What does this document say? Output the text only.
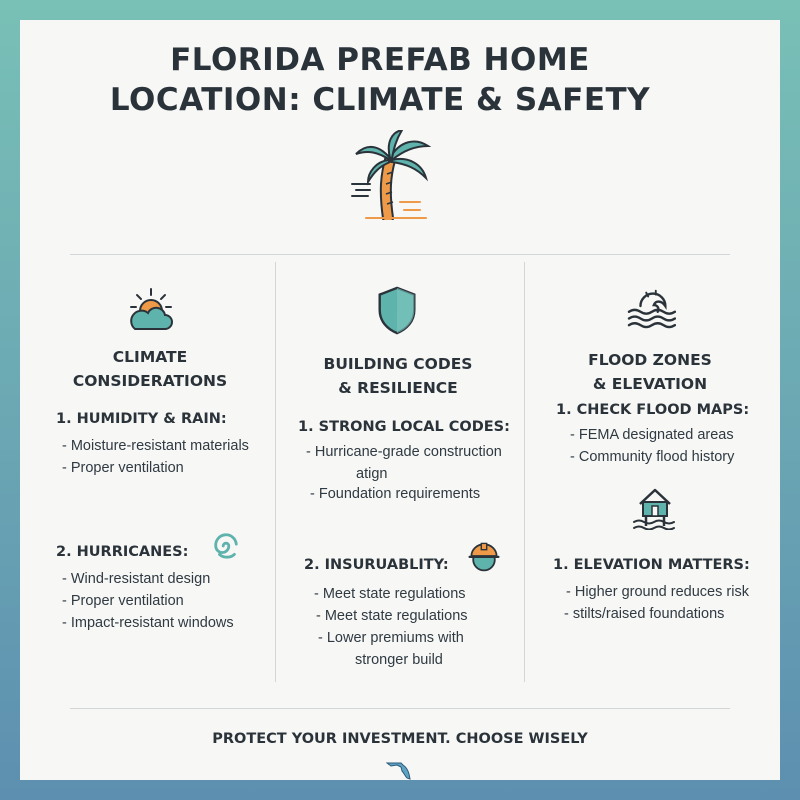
FLORIDA PREFAB HOME
LOCATION: CLIMATE & SAFETY
CLIMATE
CONSIDERATIONS
1. HUMIDITY & RAIN:
- Moisture-resistant materials
- Proper ventilation
2. HURRICANES:
- Wind-resistant design
- Proper ventilation
- Impact-resistant windows
BUILDING CODES
& RESILIENCE
1. STRONG LOCAL CODES:
- Hurricane-grade construction
atign
- Foundation requirements
2. INSURUABLITY:
- Meet state regulations
- Meet state regulations
- Lower premiums with
stronger build
FLOOD ZONES
& ELEVATION
1. CHECK FLOOD MAPS:
- FEMA designated areas
- Community flood history
1. ELEVATION MATTERS:
- Higher ground reduces risk
- stilts/raised foundations
PROTECT YOUR INVESTMENT. CHOOSE WISELY
